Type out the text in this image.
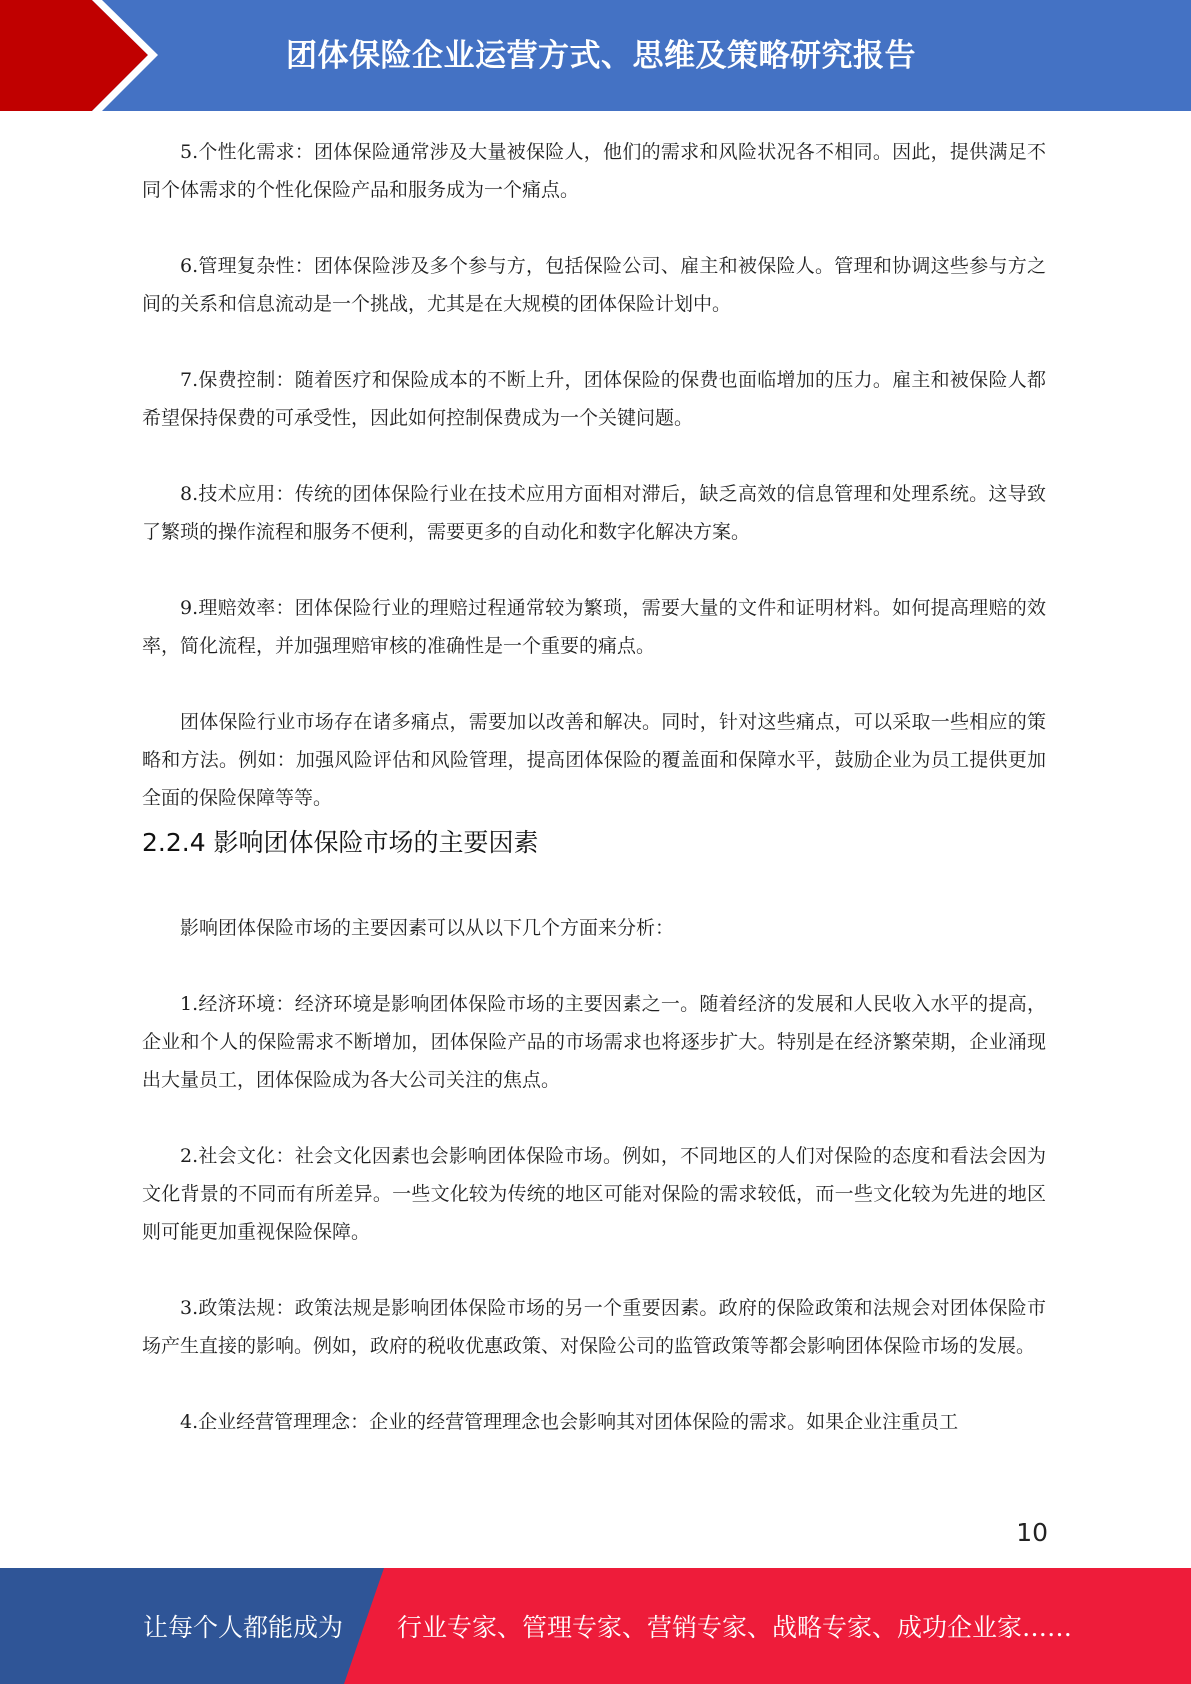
团体保险企业运营方式、思维及策略研究报告

5.个性化需求：团体保险通常涉及大量被保险人，他们的需求和风险状况各不相同。因此，提供满足不同个体需求的个性化保险产品和服务成为一个痛点。

6.管理复杂性：团体保险涉及多个参与方，包括保险公司、雇主和被保险人。管理和协调这些参与方之间的关系和信息流动是一个挑战，尤其是在大规模的团体保险计划中。

7.保费控制：随着医疗和保险成本的不断上升，团体保险的保费也面临增加的压力。雇主和被保险人都希望保持保费的可承受性，因此如何控制保费成为一个关键问题。

8.技术应用：传统的团体保险行业在技术应用方面相对滞后，缺乏高效的信息管理和处理系统。这导致了繁琐的操作流程和服务不便利，需要更多的自动化和数字化解决方案。

9.理赔效率：团体保险行业的理赔过程通常较为繁琐，需要大量的文件和证明材料。如何提高理赔的效率，简化流程，并加强理赔审核的准确性是一个重要的痛点。

团体保险行业市场存在诸多痛点，需要加以改善和解决。同时，针对这些痛点，可以采取一些相应的策略和方法。例如：加强风险评估和风险管理，提高团体保险的覆盖面和保障水平，鼓励企业为员工提供更加全面的保险保障等等。

2.2.4 影响团体保险市场的主要因素

影响团体保险市场的主要因素可以从以下几个方面来分析：

1.经济环境：经济环境是影响团体保险市场的主要因素之一。随着经济的发展和人民收入水平的提高，企业和个人的保险需求不断增加，团体保险产品的市场需求也将逐步扩大。特别是在经济繁荣期，企业涌现出大量员工，团体保险成为各大公司关注的焦点。

2.社会文化：社会文化因素也会影响团体保险市场。例如，不同地区的人们对保险的态度和看法会因为文化背景的不同而有所差异。一些文化较为传统的地区可能对保险的需求较低，而一些文化较为先进的地区则可能更加重视保险保障。

3.政策法规：政策法规是影响团体保险市场的另一个重要因素。政府的保险政策和法规会对团体保险市场产生直接的影响。例如，政府的税收优惠政策、对保险公司的监管政策等都会影响团体保险市场的发展。

4.企业经营管理理念：企业的经营管理理念也会影响其对团体保险的需求。如果企业注重员工

10
让每个人都能成为 行业专家、管理专家、营销专家、战略专家、成功企业家……
